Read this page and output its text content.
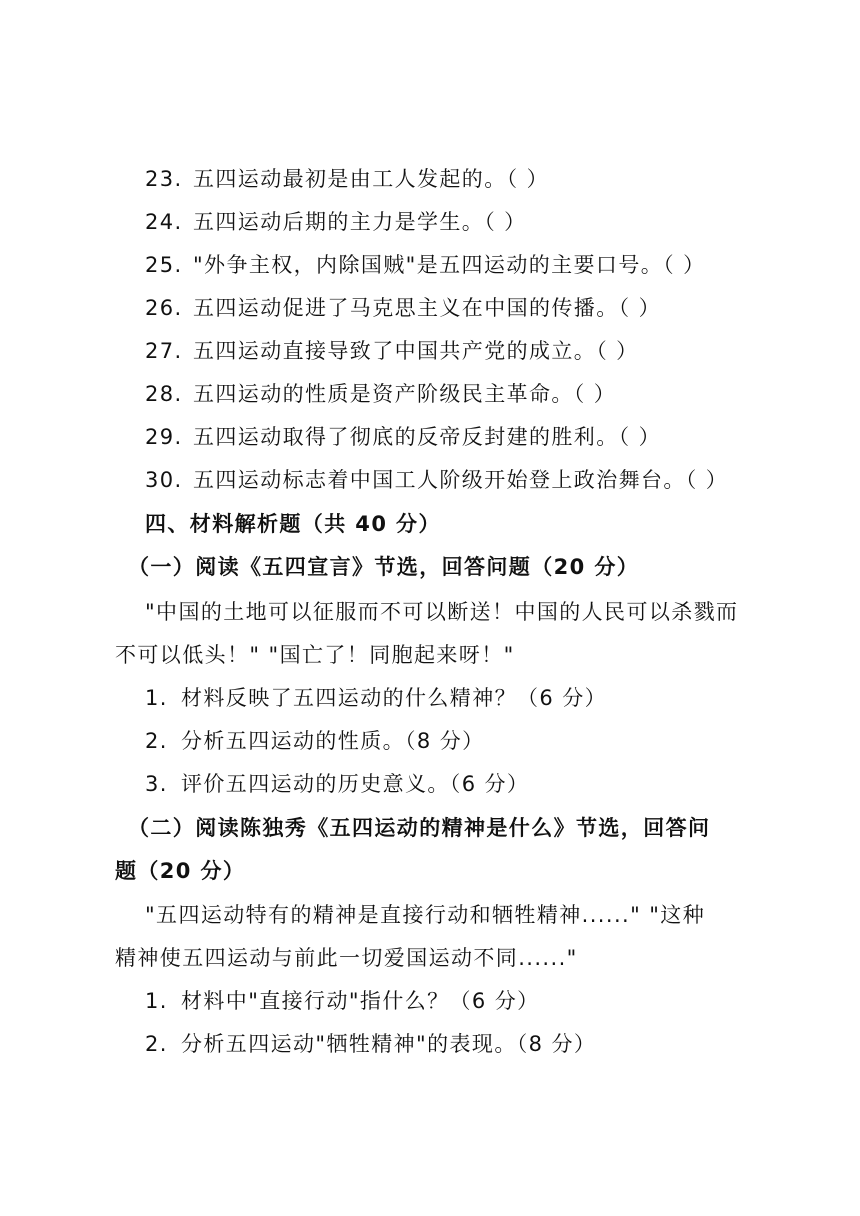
23. 五四运动最初是由工人发起的。（ ）
24. 五四运动后期的主力是学生。（ ）
25. "外争主权，内除国贼"是五四运动的主要口号。（ ）
26. 五四运动促进了马克思主义在中国的传播。（ ）
27. 五四运动直接导致了中国共产党的成立。（ ）
28. 五四运动的性质是资产阶级民主革命。（ ）
29. 五四运动取得了彻底的反帝反封建的胜利。（ ）
30. 五四运动标志着中国工人阶级开始登上政治舞台。（ ）
四、材料解析题（共 40 分）
（一）阅读《五四宣言》节选，回答问题（20 分）
"中国的土地可以征服而不可以断送！中国的人民可以杀戮而
不可以低头！" "国亡了！同胞起来呀！"
1. 材料反映了五四运动的什么精神？（6 分）
2. 分析五四运动的性质。（8 分）
3. 评价五四运动的历史意义。（6 分）
（二）阅读陈独秀《五四运动的精神是什么》节选，回答问
题（20 分）
"五四运动特有的精神是直接行动和牺牲精神......" "这种
精神使五四运动与前此一切爱国运动不同......"
1. 材料中"直接行动"指什么？（6 分）
2. 分析五四运动"牺牲精神"的表现。（8 分）
